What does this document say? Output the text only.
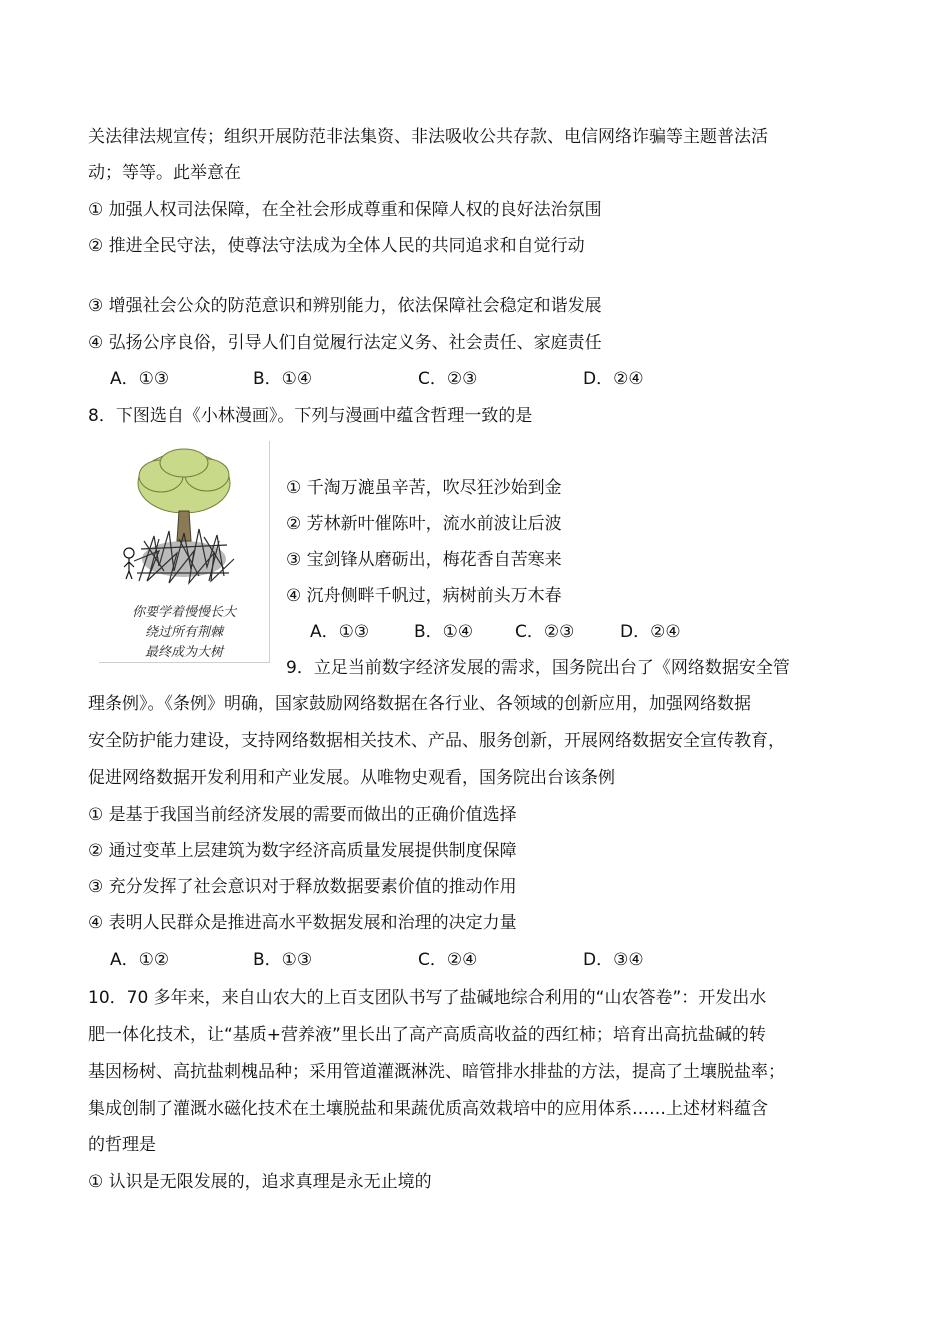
关法律法规宣传；组织开展防范非法集资、非法吸收公共存款、电信网络诈骗等主题普法活
动；等等。此举意在
① 加强人权司法保障，在全社会形成尊重和保障人权的良好法治氛围
② 推进全民守法，使尊法守法成为全体人民的共同追求和自觉行动
③ 增强社会公众的防范意识和辨别能力，依法保障社会稳定和谐发展
④ 弘扬公序良俗，引导人们自觉履行法定义务、社会责任、家庭责任
A．①③	B．①④	C．②③	D．②④
8．下图选自《小林漫画》。下列与漫画中蕴含哲理一致的是
你要学着慢慢长大
绕过所有荆棘
最终成为大树
① 千淘万漉虽辛苦，吹尽狂沙始到金
② 芳林新叶催陈叶，流水前波让后波
③ 宝剑锋从磨砺出，梅花香自苦寒来
④ 沉舟侧畔千帆过，病树前头万木春
A．①③	B．①④ C．②③	D．②④
9．立足当前数字经济发展的需求，国务院出台了《网络数据安全管
理条例》。《条例》明确，国家鼓励网络数据在各行业、各领域的创新应用，加强网络数据
安全防护能力建设，支持网络数据相关技术、产品、服务创新，开展网络数据安全宣传教育，
促进网络数据开发利用和产业发展。从唯物史观看，国务院出台该条例
① 是基于我国当前经济发展的需要而做出的正确价值选择
② 通过变革上层建筑为数字经济高质量发展提供制度保障
③ 充分发挥了社会意识对于释放数据要素价值的推动作用
④ 表明人民群众是推进高水平数据发展和治理的决定力量
A．①②	B．①③	C．②④	D．③④
10．70 多年来，来自山农大的上百支团队书写了盐碱地综合利用的“山农答卷”：开发出水
肥一体化技术，让“基质+营养液”里长出了高产高质高收益的西红柿；培育出高抗盐碱的转
基因杨树、高抗盐刺槐品种；采用管道灌溉淋洗、暗管排水排盐的方法，提高了土壤脱盐率；
集成创制了灌溉水磁化技术在土壤脱盐和果蔬优质高效栽培中的应用体系……上述材料蕴含
的哲理是
① 认识是无限发展的，追求真理是永无止境的
